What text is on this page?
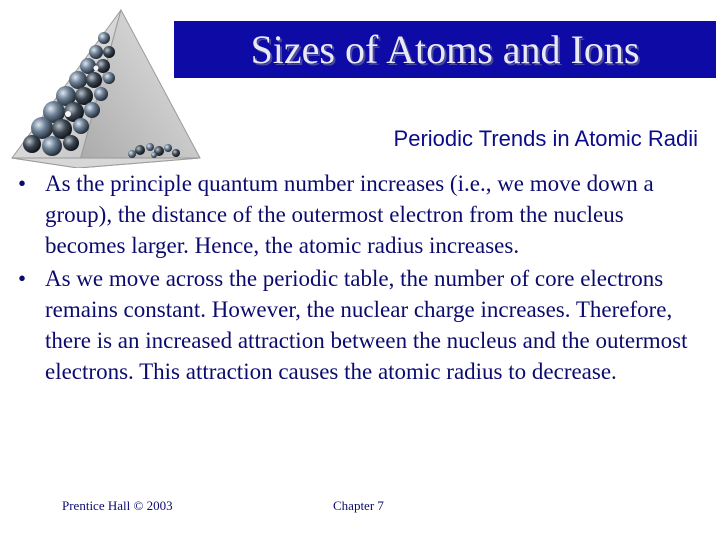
Sizes of Atoms and Ions
Periodic Trends in Atomic Radii
• As the principle quantum number increases (i.e., we move down a group), the distance of the outermost electron from the nucleus becomes larger. Hence, the atomic radius increases.
• As we move across the periodic table, the number of core electrons remains constant. However, the nuclear charge increases. Therefore, there is an increased attraction between the nucleus and the outermost electrons. This attraction causes the atomic radius to decrease.
Prentice Hall © 2003	Chapter 7
